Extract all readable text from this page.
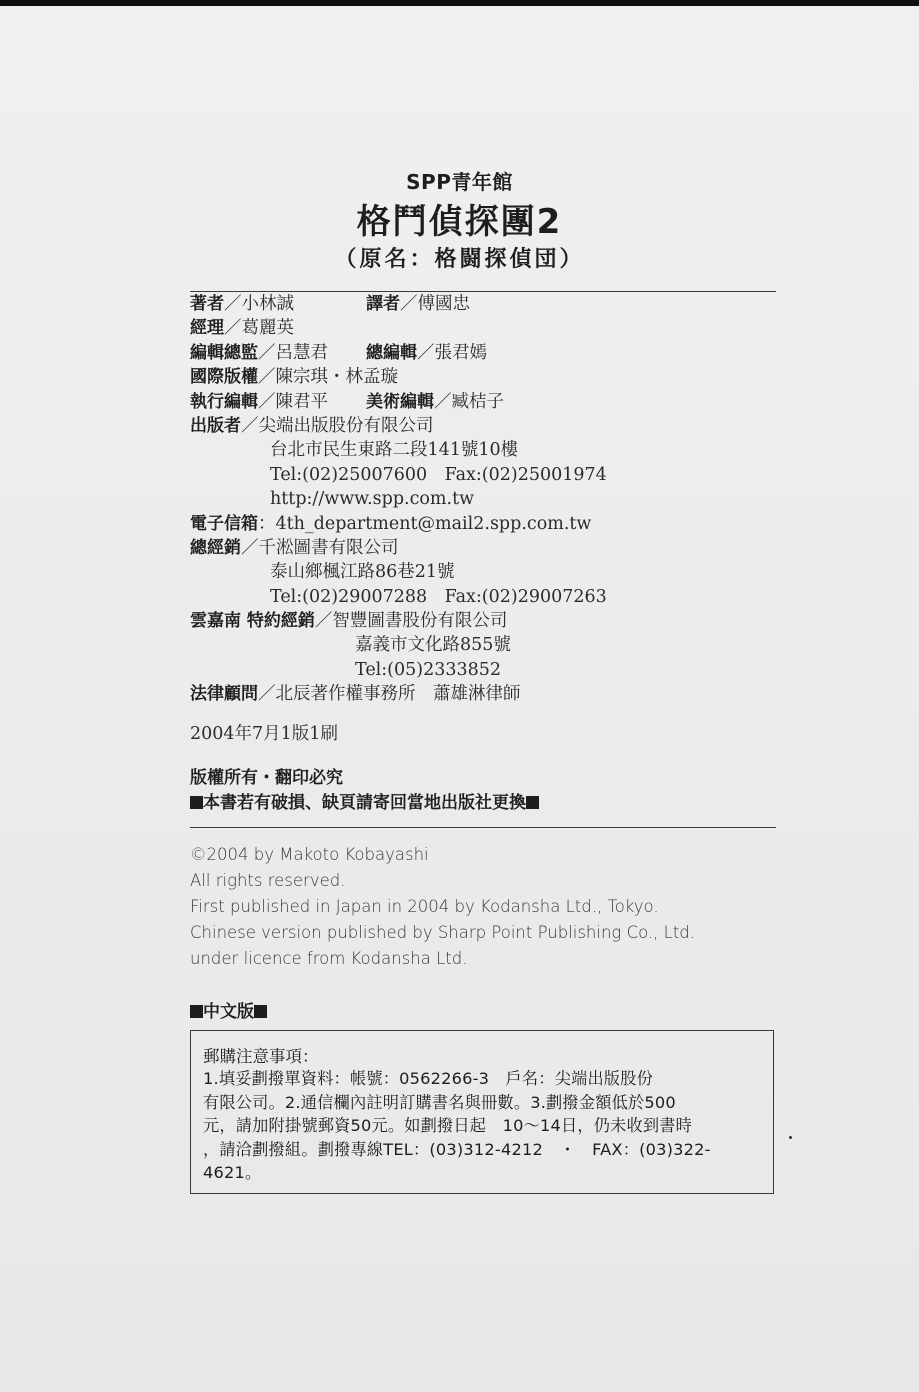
SPP青年館
格鬥偵探團2
（原名：格闘探偵団）
著者／小林誠	譯者／傅國忠
經理／葛麗英
編輯總監／呂慧君 總編輯／張君嫣
國際版權／陳宗琪・林孟璇
執行編輯／陳君平 美術編輯／臧桔子
出版者／尖端出版股份有限公司
台北市民生東路二段141號10樓
Tel:(02)25007600　Fax:(02)25001974
http://www.spp.com.tw
電子信箱：4th_department@mail2.spp.com.tw
總經銷／千淞圖書有限公司
泰山鄉楓江路86巷21號
Tel:(02)29007288　Fax:(02)29007263
雲嘉南 特約經銷／智豐圖書股份有限公司
嘉義市文化路855號
Tel:(05)2333852
法律顧問／北辰著作權事務所　蕭雄淋律師
2004年7月1版1刷
版權所有・翻印必究
本書若有破損、缺頁請寄回當地出版社更換
©2004 by Makoto Kobayashi
All rights reserved.
First published in Japan in 2004 by Kodansha Ltd., Tokyo.
Chinese version published by Sharp Point Publishing Co., Ltd.
under licence from Kodansha Ltd.
中文版
郵購注意事項：
1.填妥劃撥單資料：帳號：0562266-3　戶名：尖端出版股份
有限公司。2.通信欄內註明訂購書名與冊數。3.劃撥金額低於500
元，請加附掛號郵資50元。如劃撥日起　10～14日，仍未收到書時
，請洽劃撥組。劃撥專線TEL：(03)312-4212　・　FAX：(03)322-
4621。
